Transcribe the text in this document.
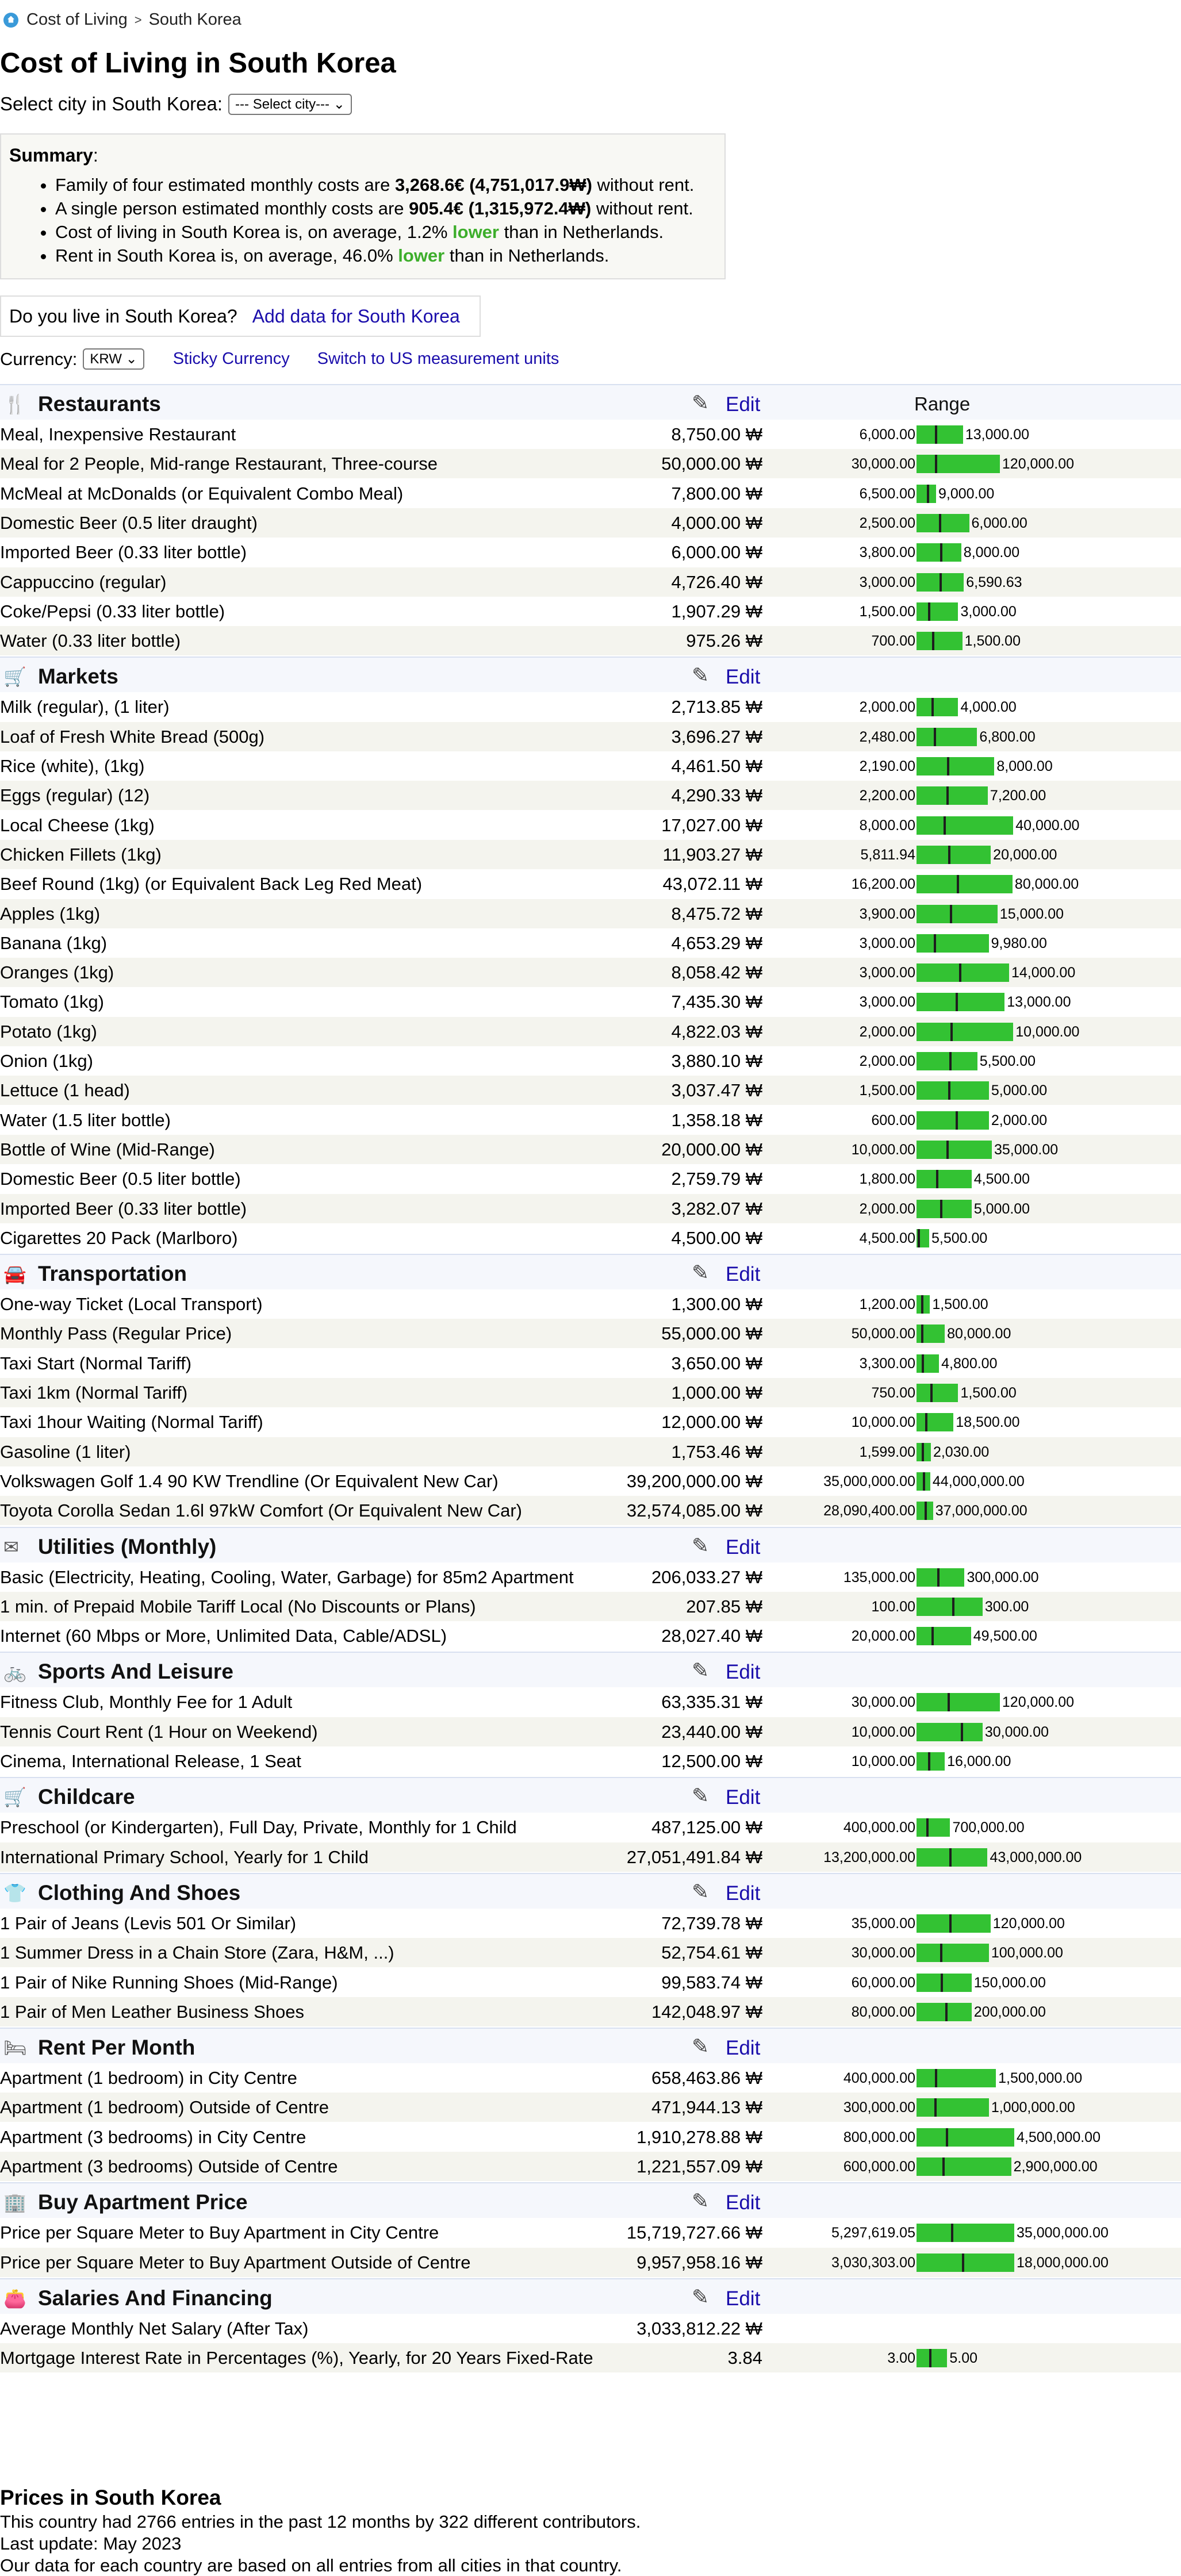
Cost of Living > South Korea
Cost of Living in South Korea
Select city in South Korea: --- Select city--- ⌄
Summary:
• Family of four estimated monthly costs are 3,268.6€ (4,751,017.9₩) without rent.
• A single person estimated monthly costs are 905.4€ (1,315,972.4₩) without rent.
• Cost of living in South Korea is, on average, 1.2% lower than in Netherlands.
• Rent in South Korea is, on average, 46.0% lower than in Netherlands.
Do you live in South Korea? Add data for South Korea
Currency: KRW ⌄	Sticky Currency Switch to US measurement units
🍴 Restaurants	✎ Edit	Range
Meal, Inexpensive Restaurant	8,750.00 ₩	6,000.00	13,000.00
Meal for 2 People, Mid-range Restaurant, Three-course	50,000.00 ₩	30,000.00	120,000.00
McMeal at McDonalds (or Equivalent Combo Meal)	7,800.00 ₩	6,500.00 9,000.00
Domestic Beer (0.5 liter draught)	4,000.00 ₩	2,500.00	6,000.00
Imported Beer (0.33 liter bottle)	6,000.00 ₩	3,800.00	8,000.00
Cappuccino (regular)	4,726.40 ₩	3,000.00	6,590.63
Coke/Pepsi (0.33 liter bottle)	1,907.29 ₩	1,500.00	3,000.00
Water (0.33 liter bottle)	975.26 ₩	700.00	1,500.00
🛒 Markets	✎ Edit
Milk (regular), (1 liter)	2,713.85 ₩	2,000.00	4,000.00
Loaf of Fresh White Bread (500g)	3,696.27 ₩	2,480.00	6,800.00
Rice (white), (1kg)	4,461.50 ₩	2,190.00	8,000.00
Eggs (regular) (12)	4,290.33 ₩	2,200.00	7,200.00
Local Cheese (1kg)	17,027.00 ₩	8,000.00	40,000.00
Chicken Fillets (1kg)	11,903.27 ₩	5,811.94	20,000.00
Beef Round (1kg) (or Equivalent Back Leg Red Meat)	43,072.11 ₩	16,200.00	80,000.00
Apples (1kg)	8,475.72 ₩	3,900.00	15,000.00
Banana (1kg)	4,653.29 ₩	3,000.00	9,980.00
Oranges (1kg)	8,058.42 ₩	3,000.00	14,000.00
Tomato (1kg)	7,435.30 ₩	3,000.00	13,000.00
Potato (1kg)	4,822.03 ₩	2,000.00	10,000.00
Onion (1kg)	3,880.10 ₩	2,000.00	5,500.00
Lettuce (1 head)	3,037.47 ₩	1,500.00	5,000.00
Water (1.5 liter bottle)	1,358.18 ₩	600.00	2,000.00
Bottle of Wine (Mid-Range)	20,000.00 ₩	10,000.00	35,000.00
Domestic Beer (0.5 liter bottle)	2,759.79 ₩	1,800.00	4,500.00
Imported Beer (0.33 liter bottle)	3,282.07 ₩	2,000.00	5,000.00
Cigarettes 20 Pack (Marlboro)	4,500.00 ₩	4,500.00 5,500.00
🚘 Transportation	✎ Edit
One-way Ticket (Local Transport)	1,300.00 ₩	1,200.00 1,500.00
Monthly Pass (Regular Price)	55,000.00 ₩	50,000.00 80,000.00
Taxi Start (Normal Tariff)	3,650.00 ₩	3,300.00 4,800.00
Taxi 1km (Normal Tariff)	1,000.00 ₩	750.00	1,500.00
Taxi 1hour Waiting (Normal Tariff)	12,000.00 ₩	10,000.00	18,500.00
Gasoline (1 liter)	1,753.46 ₩	1,599.00 2,030.00
Volkswagen Golf 1.4 90 KW Trendline (Or Equivalent New Car)	39,200,000.00 ₩	35,000,000.00 44,000,000.00
Toyota Corolla Sedan 1.6l 97kW Comfort (Or Equivalent New Car)	32,574,085.00 ₩	28,090,400.00 37,000,000.00
✉ Utilities (Monthly)	✎ Edit
Basic (Electricity, Heating, Cooling, Water, Garbage) for 85m2 Apartment	206,033.27 ₩	135,000.00	300,000.00
1 min. of Prepaid Mobile Tariff Local (No Discounts or Plans)	207.85 ₩	100.00	300.00
Internet (60 Mbps or More, Unlimited Data, Cable/ADSL)	28,027.40 ₩	20,000.00	49,500.00
🚲 Sports And Leisure	✎ Edit
Fitness Club, Monthly Fee for 1 Adult	63,335.31 ₩	30,000.00	120,000.00
Tennis Court Rent (1 Hour on Weekend)	23,440.00 ₩	10,000.00	30,000.00
Cinema, International Release, 1 Seat	12,500.00 ₩	10,000.00 16,000.00
🛒 Childcare	✎ Edit
Preschool (or Kindergarten), Full Day, Private, Monthly for 1 Child	487,125.00 ₩	400,000.00	700,000.00
International Primary School, Yearly for 1 Child	27,051,491.84 ₩	13,200,000.00	43,000,000.00
👕 Clothing And Shoes	✎ Edit
1 Pair of Jeans (Levis 501 Or Similar)	72,739.78 ₩	35,000.00	120,000.00
1 Summer Dress in a Chain Store (Zara, H&M, ...)	52,754.61 ₩	30,000.00	100,000.00
1 Pair of Nike Running Shoes (Mid-Range)	99,583.74 ₩	60,000.00	150,000.00
1 Pair of Men Leather Business Shoes	142,048.97 ₩	80,000.00	200,000.00
🛏 Rent Per Month	✎ Edit
Apartment (1 bedroom) in City Centre	658,463.86 ₩	400,000.00	1,500,000.00
Apartment (1 bedroom) Outside of Centre	471,944.13 ₩	300,000.00	1,000,000.00
Apartment (3 bedrooms) in City Centre	1,910,278.88 ₩	800,000.00	4,500,000.00
Apartment (3 bedrooms) Outside of Centre	1,221,557.09 ₩	600,000.00	2,900,000.00
🏢 Buy Apartment Price	✎ Edit
Price per Square Meter to Buy Apartment in City Centre	15,719,727.66 ₩	5,297,619.05	35,000,000.00
Price per Square Meter to Buy Apartment Outside of Centre	9,957,958.16 ₩	3,030,303.00	18,000,000.00
👛 Salaries And Financing	✎ Edit
Average Monthly Net Salary (After Tax)	3,033,812.22 ₩
Mortgage Interest Rate in Percentages (%), Yearly, for 20 Years Fixed-Rate	3.84	3.00 5.00
Prices in South Korea
This country had 2766 entries in the past 12 months by 322 different contributors.
Last update: May 2023
Our data for each country are based on all entries from all cities in that country.
